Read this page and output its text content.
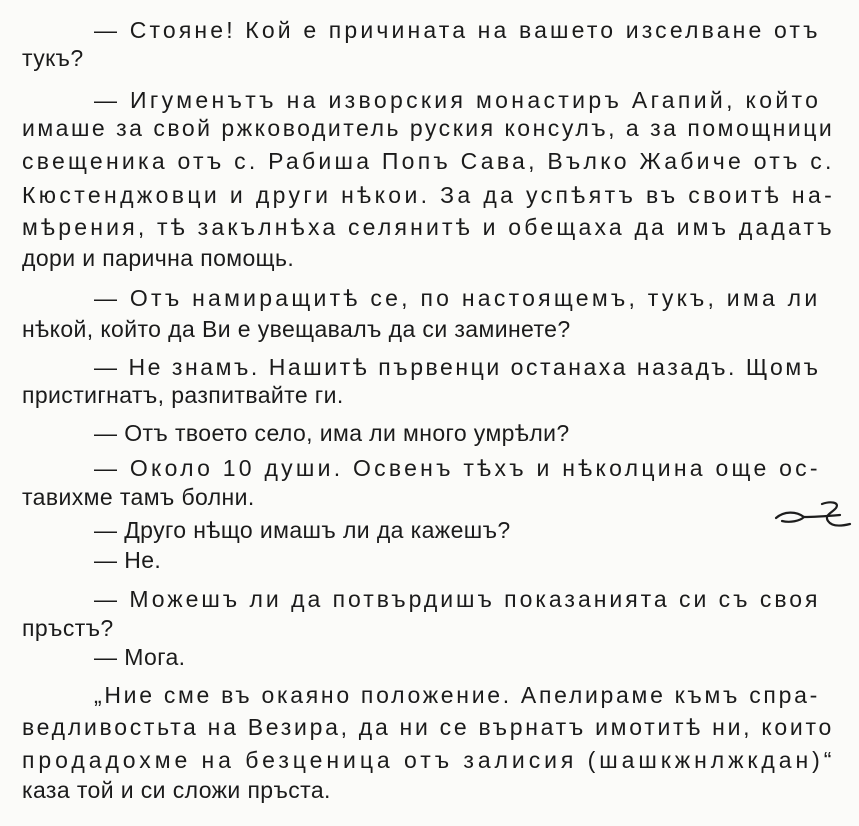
— Стояне! Кой е причината на вашето изселване отъ
тукъ?
— Игуменътъ на изворския монастиръ Агапий, който
имаше за свой ржководитель руския консулъ, а за помощници
свещеника отъ с. Рабиша Попъ Сава, Вълко Жабиче отъ с.
Кюстенджовци и други нѣкои. За да успѣятъ въ своитѣ на-
мѣрения, тѣ закълнѣха селянитѣ и обещаха да имъ дадатъ
дори и парична помощь.
— Отъ намиращитѣ се, по настоящемъ, тукъ, има ли
нѣкой, който да Ви е увещавалъ да си заминете?
— Не знамъ. Нашитѣ първенци останаха назадъ. Щомъ
пристигнатъ, разпитвайте ги.
— Отъ твоето село, има ли много умрѣли?
— Около 10 души. Освенъ тѣхъ и нѣколцина още ос-
тавихме тамъ болни.
— Друго нѣщо имашъ ли да кажешъ?
— Не.
— Можешъ ли да потвърдишъ показанията си съ своя
пръстъ?
— Мога.
„Ние сме въ окаяно положение. Апелираме къмъ спра-
ведливостьта на Везира, да ни се върнатъ имотитѣ ни, които
продадохме на безценица отъ залисия (шашкжнлжкдан)“
каза той и си сложи пръста.
